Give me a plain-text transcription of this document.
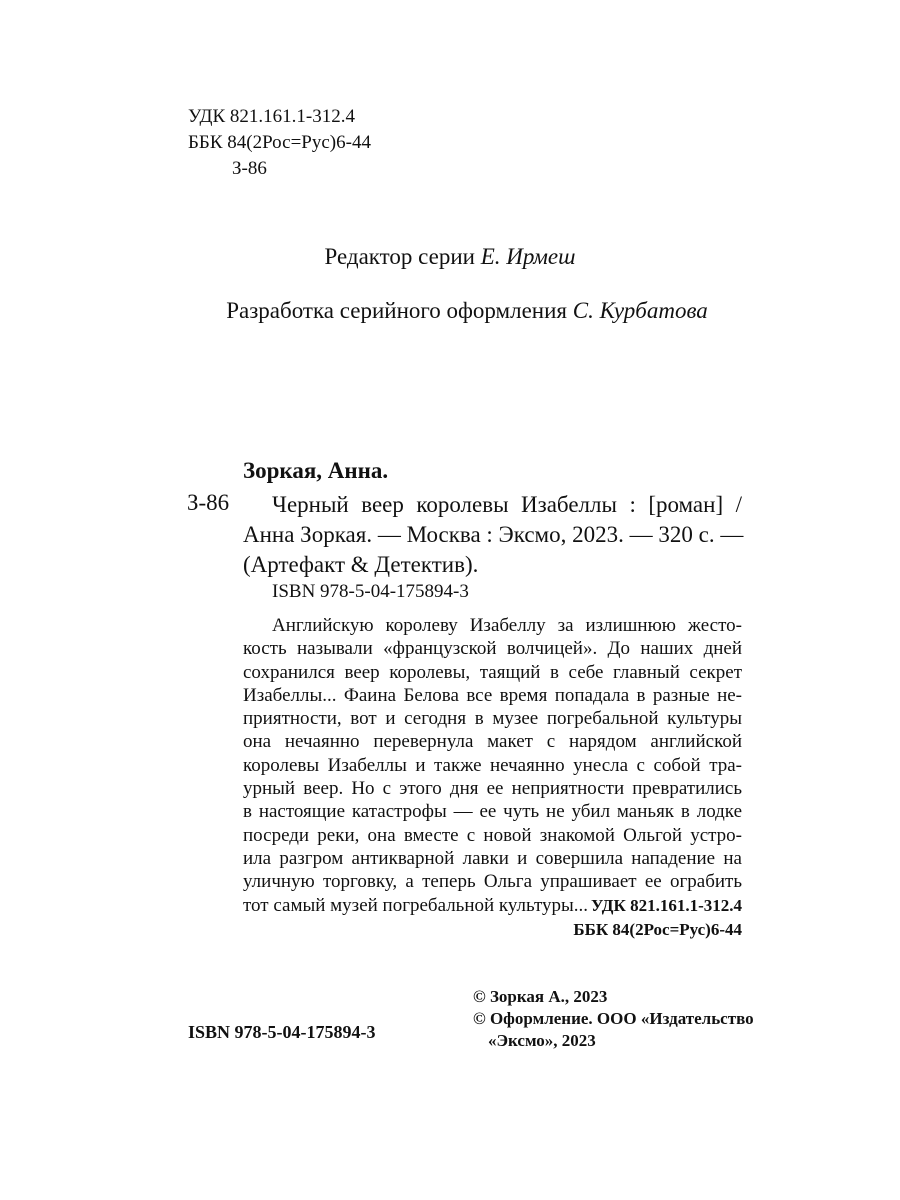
УДК 821.161.1-312.4
ББК 84(2Рос=Рус)6-44
З-86
Редактор серии Е. Ирмеш
Разработка серийного оформления С. Курбатова
Зоркая, Анна.
З-86 Черный веер королевы Изабеллы : [роман] /
Анна Зоркая. — Москва : Эксмо, 2023. — 320 с. —
(Артефакт & Детектив).
ISBN 978-5-04-175894-3
Английскую королеву Изабеллу за излишнюю жесто-
кость называли «французской волчицей». До наших дней
сохранился веер королевы, таящий в себе главный секрет
Изабеллы... Фаина Белова все время попадала в разные не-
приятности, вот и сегодня в музее погребальной культуры
она нечаянно перевернула макет с нарядом английской
королевы Изабеллы и также нечаянно унесла с собой тра-
урный веер. Но с этого дня ее неприятности превратились
в настоящие катастрофы — ее чуть не убил маньяк в лодке
посреди реки, она вместе с новой знакомой Ольгой устро-
ила разгром антикварной лавки и совершила нападение на
уличную торговку, а теперь Ольга упрашивает ее ограбить
тот самый музей погребальной культуры... УДК 821.161.1-312.4
ББК 84(2Рос=Рус)6-44
© Зоркая А., 2023
© Оформление. ООО «Издательство
«Эксмо», 2023
ISBN 978-5-04-175894-3
